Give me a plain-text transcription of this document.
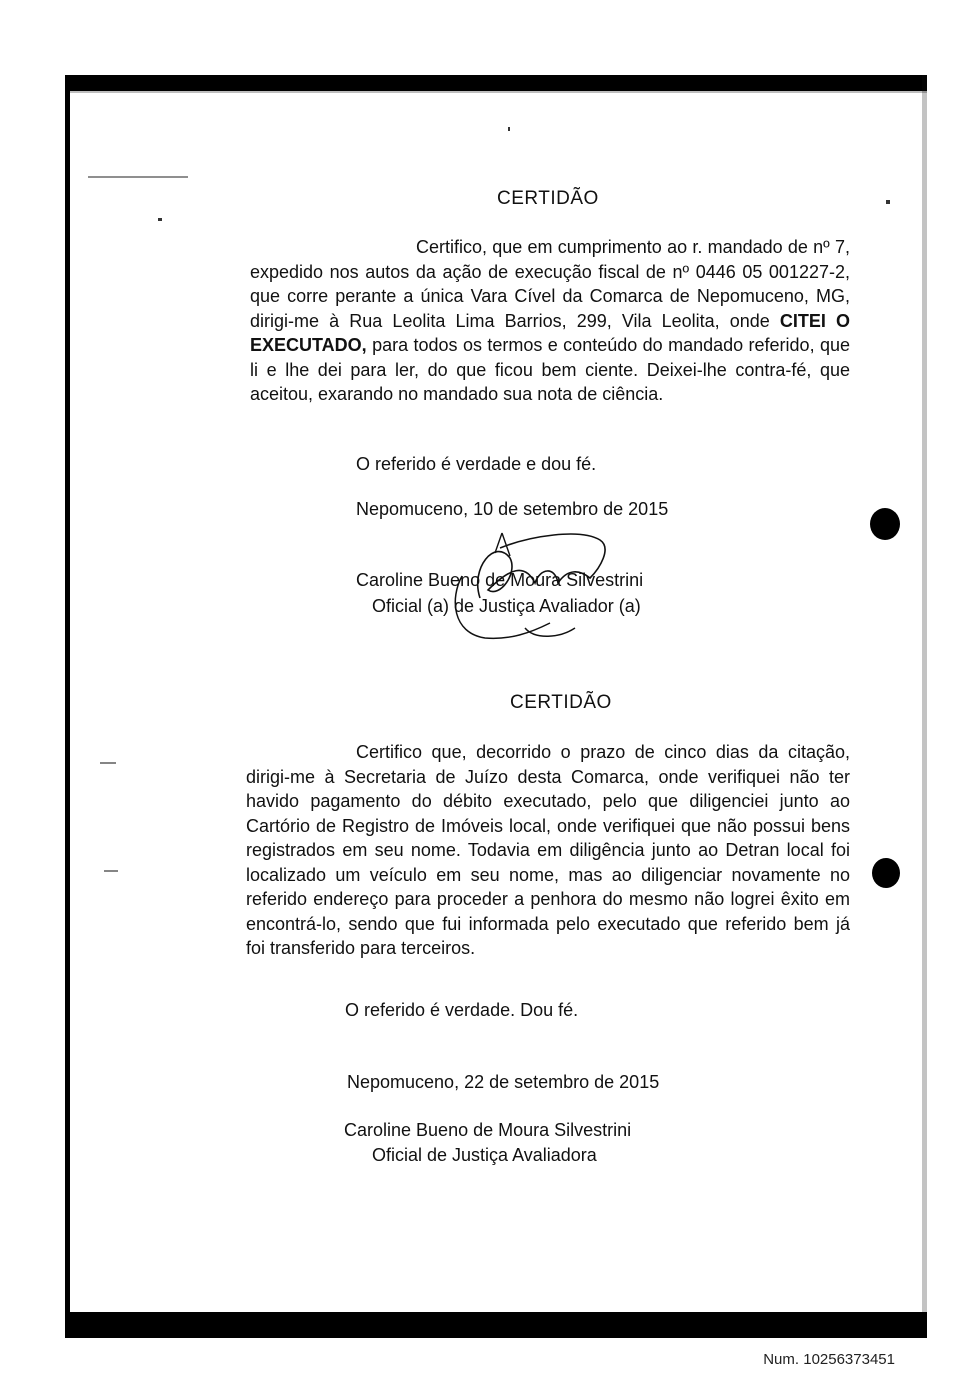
CERTIDÃO
Certifico, que em cumprimento ao r. mandado de nº 7, expedido nos autos da ação de execução fiscal de nº 0446 05 001227-2, que corre perante a única Vara Cível da Comarca de Nepomuceno, MG, dirigi-me à Rua Leolita Lima Barrios, 299, Vila Leolita, onde CITEI O EXECUTADO, para todos os termos e conteúdo do mandado referido, que li e lhe dei para ler, do que ficou bem ciente. Deixei-lhe contra-fé, que aceitou, exarando no mandado sua nota de ciência.
O referido é verdade e dou fé.
Nepomuceno, 10 de setembro de 2015
Caroline Bueno de Moura Silvestrini
Oficial (a) de Justiça Avaliador (a)
CERTIDÃO
Certifico que, decorrido o prazo de cinco dias da citação, dirigi-me à Secretaria de Juízo desta Comarca, onde verifiquei não ter havido pagamento do débito executado, pelo que diligenciei junto ao Cartório de Registro de Imóveis local, onde verifiquei que não possui bens registrados em seu nome. Todavia em diligência junto ao Detran local foi localizado um veículo em seu nome, mas ao diligenciar novamente no referido endereço para proceder a penhora do mesmo não logrei êxito em encontrá-lo, sendo que fui informada pelo executado que referido bem já foi transferido para terceiros.
O referido é verdade. Dou fé.
Nepomuceno, 22 de setembro de 2015
Caroline Bueno de Moura Silvestrini
Oficial de Justiça Avaliadora
Num. 10256373451
